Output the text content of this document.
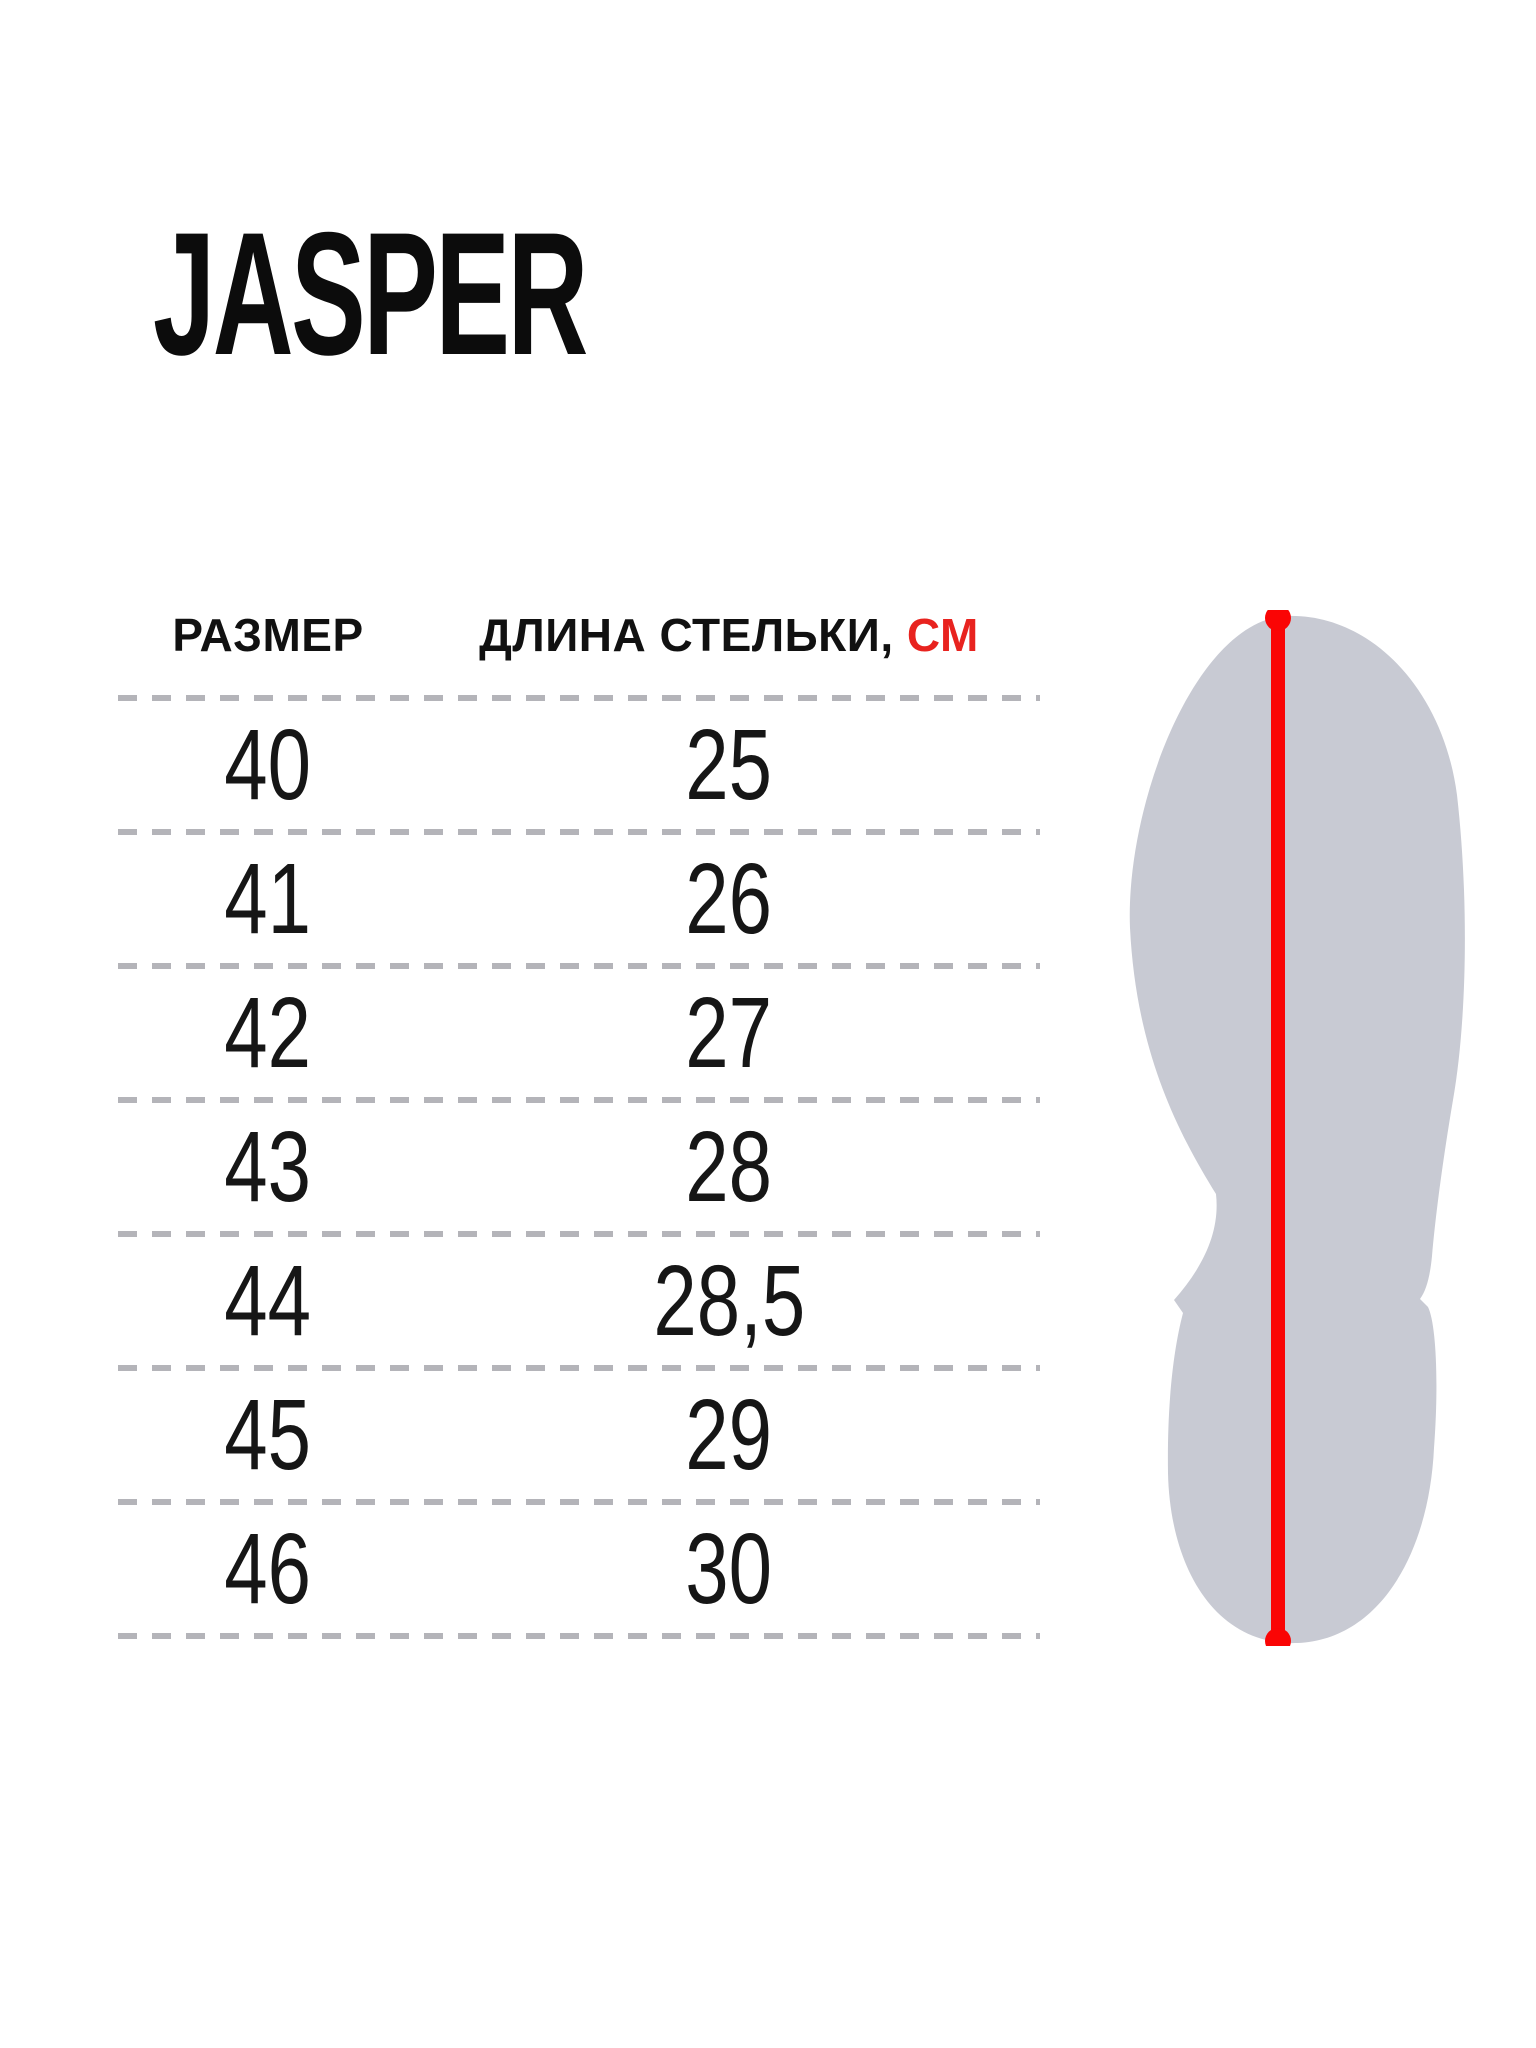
JASPER
РАЗМЕР	ДЛИНА СТЕЛЬКИ, СМ
40	25
41	26
42	27
43	28
44	28,5
45	29
46	30
